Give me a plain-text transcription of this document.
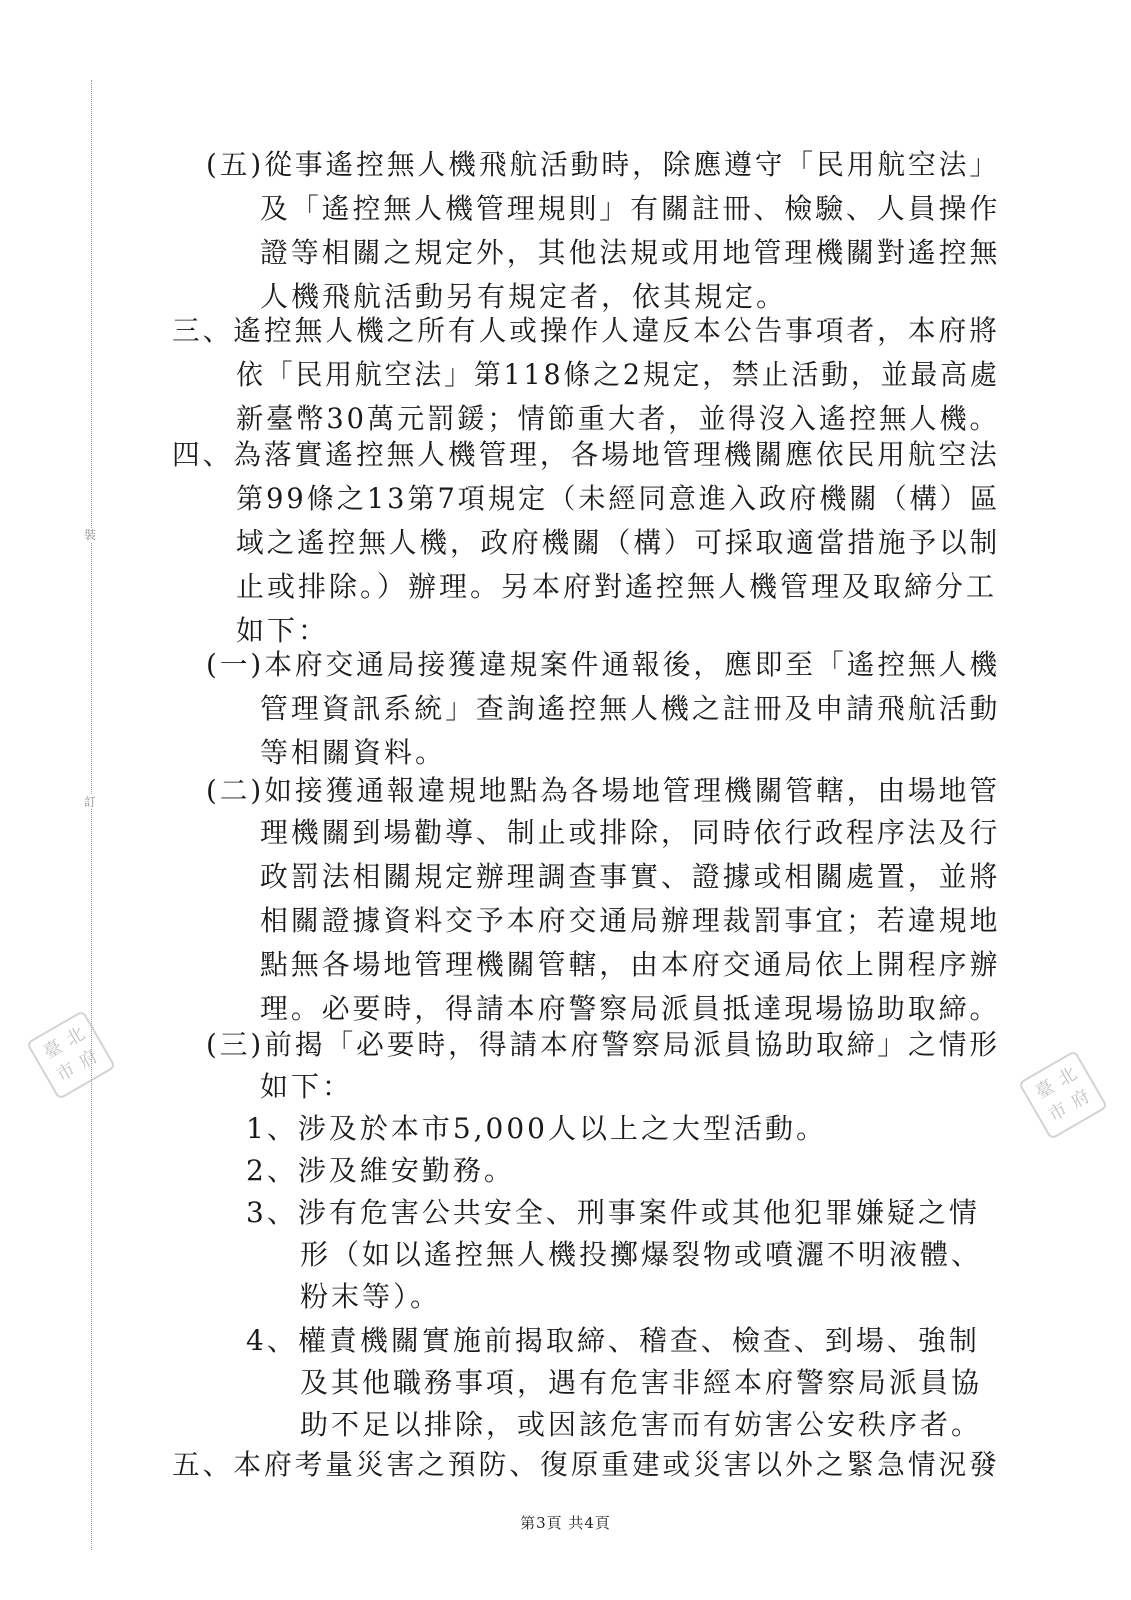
裝
訂
臺
北
市
府
臺
北
市
府
(五)從事遙控無人機飛航活動時，除應遵守「民用航空法」
及「遙控無人機管理規則」有關註冊、檢驗、人員操作
證等相關之規定外，其他法規或用地管理機關對遙控無
人機飛航活動另有規定者，依其規定。
三、遙控無人機之所有人或操作人違反本公告事項者，本府將
依「民用航空法」第118條之2規定，禁止活動，並最高處
新臺幣30萬元罰鍰；情節重大者，並得沒入遙控無人機。
四、為落實遙控無人機管理，各場地管理機關應依民用航空法
第99條之13第7項規定（未經同意進入政府機關（構）區
域之遙控無人機，政府機關（構）可採取適當措施予以制
止或排除。）辦理。另本府對遙控無人機管理及取締分工
如下：
(一)本府交通局接獲違規案件通報後，應即至「遙控無人機
管理資訊系統」查詢遙控無人機之註冊及申請飛航活動
等相關資料。
(二)如接獲通報違規地點為各場地管理機關管轄，由場地管
理機關到場勸導、制止或排除，同時依行政程序法及行
政罰法相關規定辦理調查事實、證據或相關處置，並將
相關證據資料交予本府交通局辦理裁罰事宜；若違規地
點無各場地管理機關管轄，由本府交通局依上開程序辦
理。必要時，得請本府警察局派員抵達現場協助取締。
(三)前揭「必要時，得請本府警察局派員協助取締」之情形
如下：
1、涉及於本市5,000人以上之大型活動。
2、涉及維安勤務。
3、涉有危害公共安全、刑事案件或其他犯罪嫌疑之情
形（如以遙控無人機投擲爆裂物或噴灑不明液體、
粉末等）。
4、權責機關實施前揭取締、稽查、檢查、到場、強制
及其他職務事項，遇有危害非經本府警察局派員協
助不足以排除，或因該危害而有妨害公安秩序者。
五、本府考量災害之預防、復原重建或災害以外之緊急情況發
第3頁 共4頁
